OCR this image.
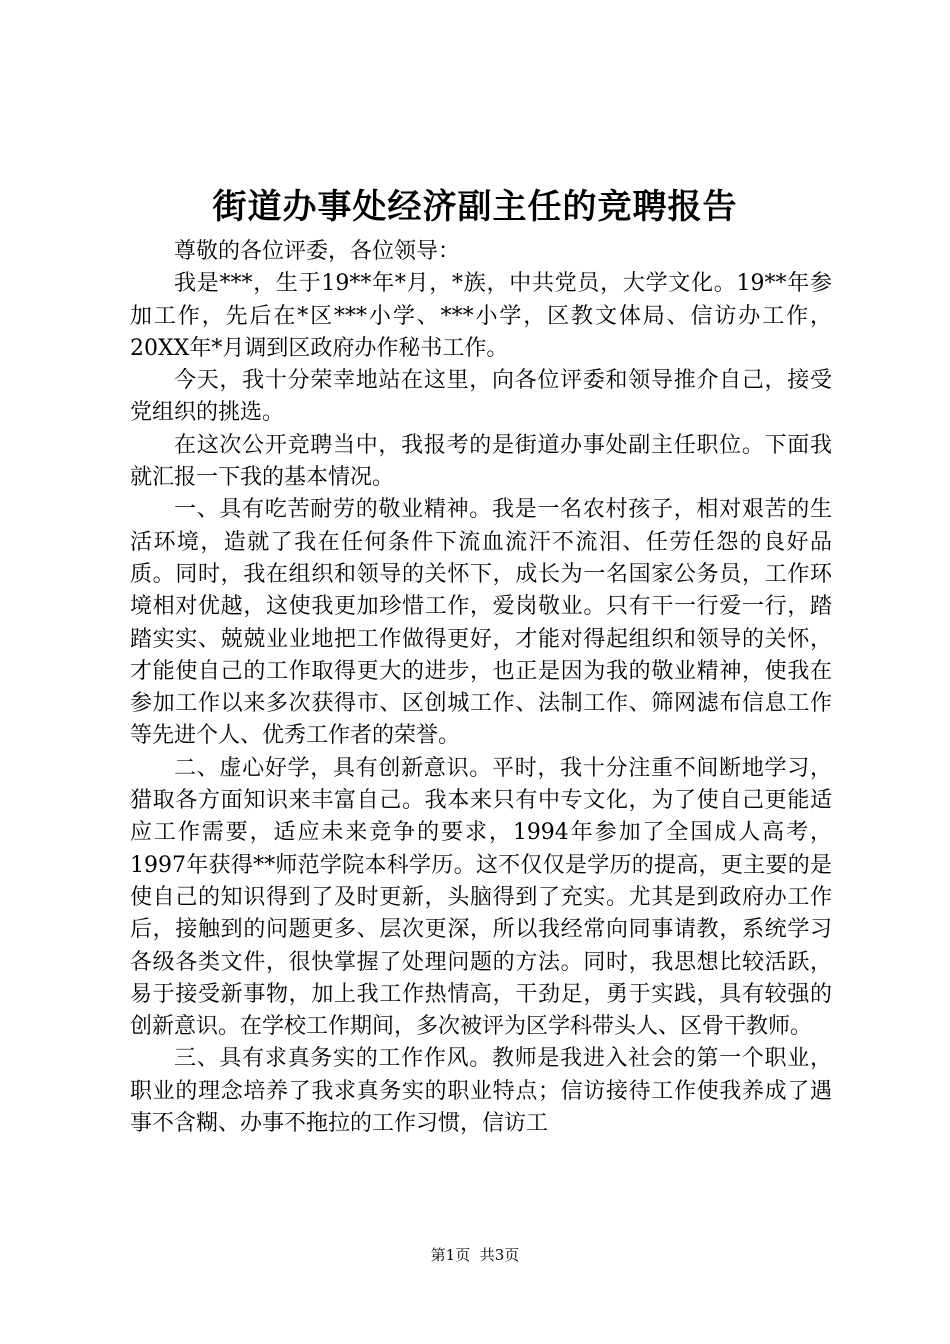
街道办事处经济副主任的竞聘报告

尊敬的各位评委，各位领导：

我是***，生于19**年*月，*族，中共党员，大学文化。19**年参加工作，先后在*区***小学、***小学，区教文体局、信访办工作，20XX年*月调到区政府办作秘书工作。

今天，我十分荣幸地站在这里，向各位评委和领导推介自己，接受党组织的挑选。

在这次公开竞聘当中，我报考的是街道办事处副主任职位。下面我就汇报一下我的基本情况。

一、具有吃苦耐劳的敬业精神。我是一名农村孩子，相对艰苦的生活环境，造就了我在任何条件下流血流汗不流泪、任劳任怨的良好品质。同时，我在组织和领导的关怀下，成长为一名国家公务员，工作环境相对优越，这使我更加珍惜工作，爱岗敬业。只有干一行爱一行，踏踏实实、兢兢业业地把工作做得更好，才能对得起组织和领导的关怀，才能使自己的工作取得更大的进步，也正是因为我的敬业精神，使我在参加工作以来多次获得市、区创城工作、法制工作、筛网滤布信息工作等先进个人、优秀工作者的荣誉。

二、虚心好学，具有创新意识。平时，我十分注重不间断地学习，猎取各方面知识来丰富自己。我本来只有中专文化，为了使自己更能适应工作需要，适应未来竞争的要求，1994年参加了全国成人高考，1997年获得**师范学院本科学历。这不仅仅是学历的提高，更主要的是使自己的知识得到了及时更新，头脑得到了充实。尤其是到政府办工作后，接触到的问题更多、层次更深，所以我经常向同事请教，系统学习各级各类文件，很快掌握了处理问题的方法。同时，我思想比较活跃，易于接受新事物，加上我工作热情高，干劲足，勇于实践，具有较强的创新意识。在学校工作期间，多次被评为区学科带头人、区骨干教师。

三、具有求真务实的工作作风。教师是我进入社会的第一个职业，职业的理念培养了我求真务实的职业特点；信访接待工作使我养成了遇事不含糊、办事不拖拉的工作习惯，信访工

第1页 共3页
